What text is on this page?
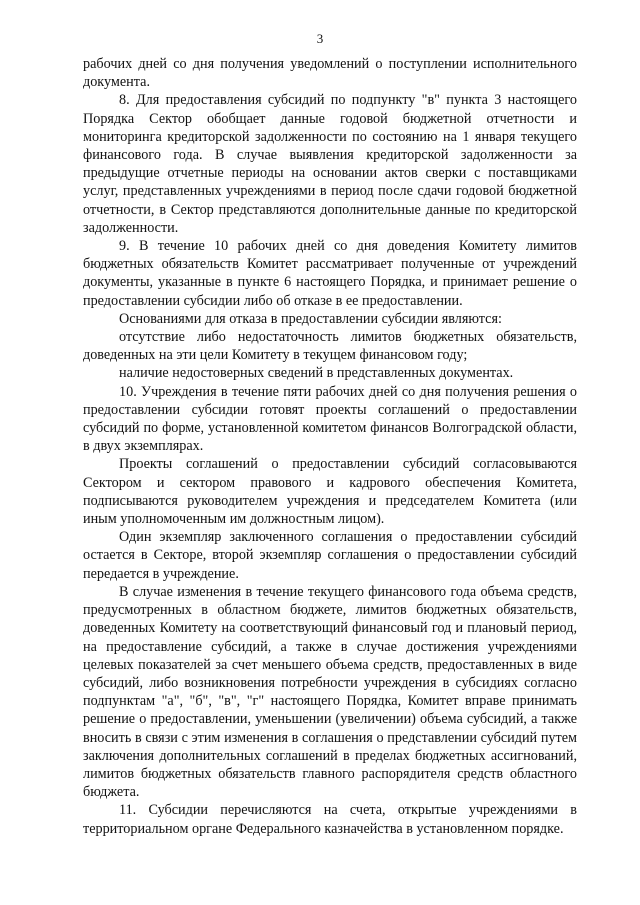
3

рабочих дней со дня получения уведомлений о поступлении исполнительного документа.

8. Для предоставления субсидий по подпункту "в" пункта 3 настоящего Порядка Сектор обобщает данные годовой бюджетной отчетности и мониторинга кредиторской задолженности по состоянию на 1 января текущего финансового года. В случае выявления кредиторской задолженности за предыдущие отчетные периоды на основании актов сверки с поставщиками услуг, представленных учреждениями в период после сдачи годовой бюджетной отчетности, в Сектор представляются дополнительные данные по кредиторской задолженности.

9. В течение 10 рабочих дней со дня доведения Комитету лимитов бюджетных обязательств Комитет рассматривает полученные от учреждений документы, указанные в пункте 6 настоящего Порядка, и принимает решение о предоставлении субсидии либо об отказе в ее предоставлении.

Основаниями для отказа в предоставлении субсидии являются:

отсутствие либо недостаточность лимитов бюджетных обязательств, доведенных на эти цели Комитету в текущем финансовом году;

наличие недостоверных сведений в представленных документах.

10. Учреждения в течение пяти рабочих дней со дня получения решения о предоставлении субсидии готовят проекты соглашений о предоставлении субсидий по форме, установленной комитетом финансов Волгоградской области, в двух экземплярах.

Проекты соглашений о предоставлении субсидий согласовываются Сектором и сектором правового и кадрового обеспечения Комитета, подписываются руководителем учреждения и председателем Комитета (или иным уполномоченным им должностным лицом).

Один экземпляр заключенного соглашения о предоставлении субсидий остается в Секторе, второй экземпляр соглашения о предоставлении субсидий передается в учреждение.

В случае изменения в течение текущего финансового года объема средств, предусмотренных в областном бюджете, лимитов бюджетных обязательств, доведенных Комитету на соответствующий финансовый год и плановый период, на предоставление субсидий, а также в случае достижения учреждениями целевых показателей за счет меньшего объема средств, предоставленных в виде субсидий, либо возникновения потребности учреждения в субсидиях согласно подпунктам "а", "б", "в", "г" настоящего Порядка, Комитет вправе принимать решение о предоставлении, уменьшении (увеличении) объема субсидий, а также вносить в связи с этим изменения в соглашения о представлении субсидий путем заключения дополнительных соглашений в пределах бюджетных ассигнований, лимитов бюджетных обязательств главного распорядителя средств областного бюджета.

11. Субсидии перечисляются на счета, открытые учреждениями в территориальном органе Федерального казначейства в установленном порядке.
